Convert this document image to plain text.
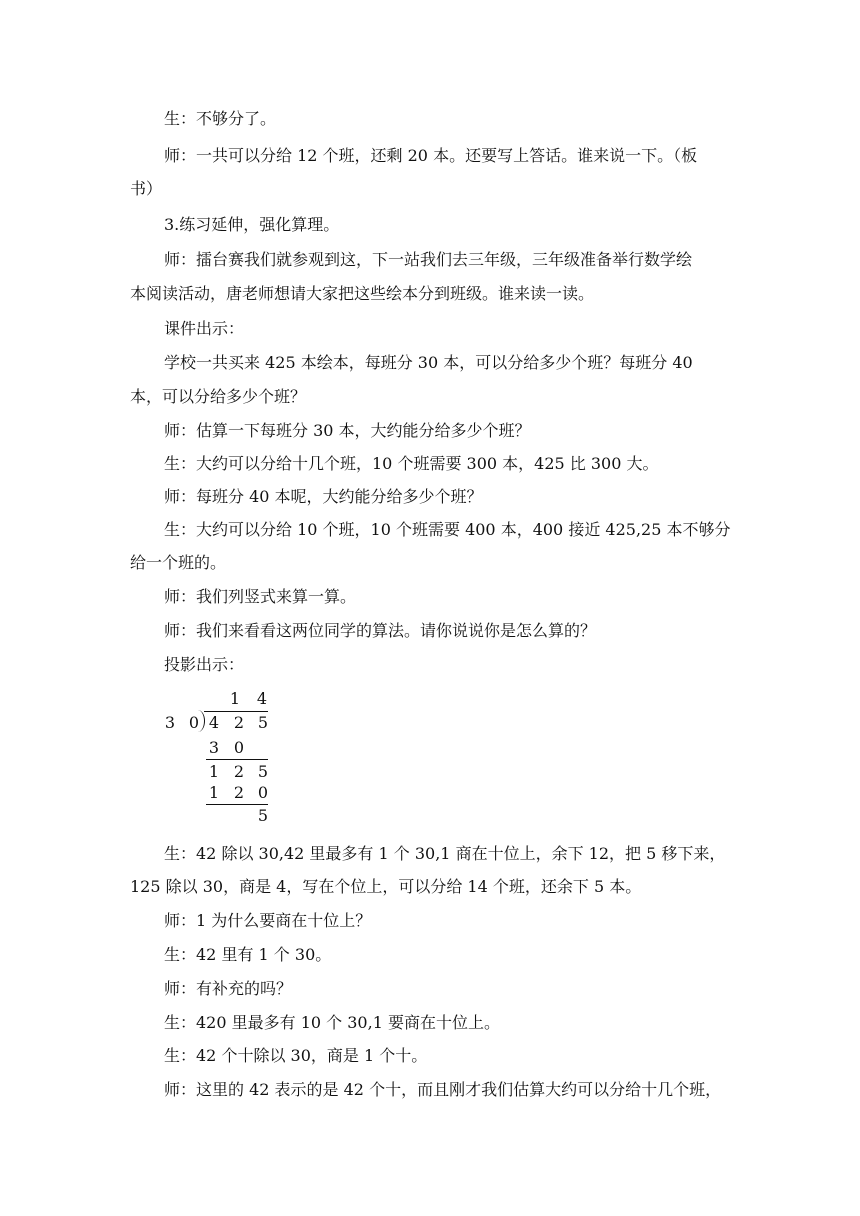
生：不够分了。

师：一共可以分给 12 个班，还剩 20 本。还要写上答话。谁来说一下。（板

书）

3.练习延伸，强化算理。

师：擂台赛我们就参观到这，下一站我们去三年级，三年级准备举行数学绘

本阅读活动，唐老师想请大家把这些绘本分到班级。谁来读一读。

课件出示：

学校一共买来 425 本绘本，每班分 30 本，可以分给多少个班？每班分 40

本，可以分给多少个班？

师：估算一下每班分 30 本，大约能分给多少个班？

生：大约可以分给十几个班，10 个班需要 300 本，425 比 300 大。

师：每班分 40 本呢，大约能分给多少个班？

生：大约可以分给 10 个班，10 个班需要 400 本，400 接近 425,25 本不够分

给一个班的。

师：我们列竖式来算一算。

师：我们来看看这两位同学的算法。请你说说你是怎么算的？

投影出示：

1 4
3 0 4 2 5
3 0
1 2 5
1 2 0
5

生：42 除以 30,42 里最多有 1 个 30,1 商在十位上，余下 12，把 5 移下来，

125 除以 30，商是 4，写在个位上，可以分给 14 个班，还余下 5 本。

师：1 为什么要商在十位上？

生：42 里有 1 个 30。

师：有补充的吗？

生：420 里最多有 10 个 30,1 要商在十位上。

生：42 个十除以 30，商是 1 个十。

师：这里的 42 表示的是 42 个十，而且刚才我们估算大约可以分给十几个班，
